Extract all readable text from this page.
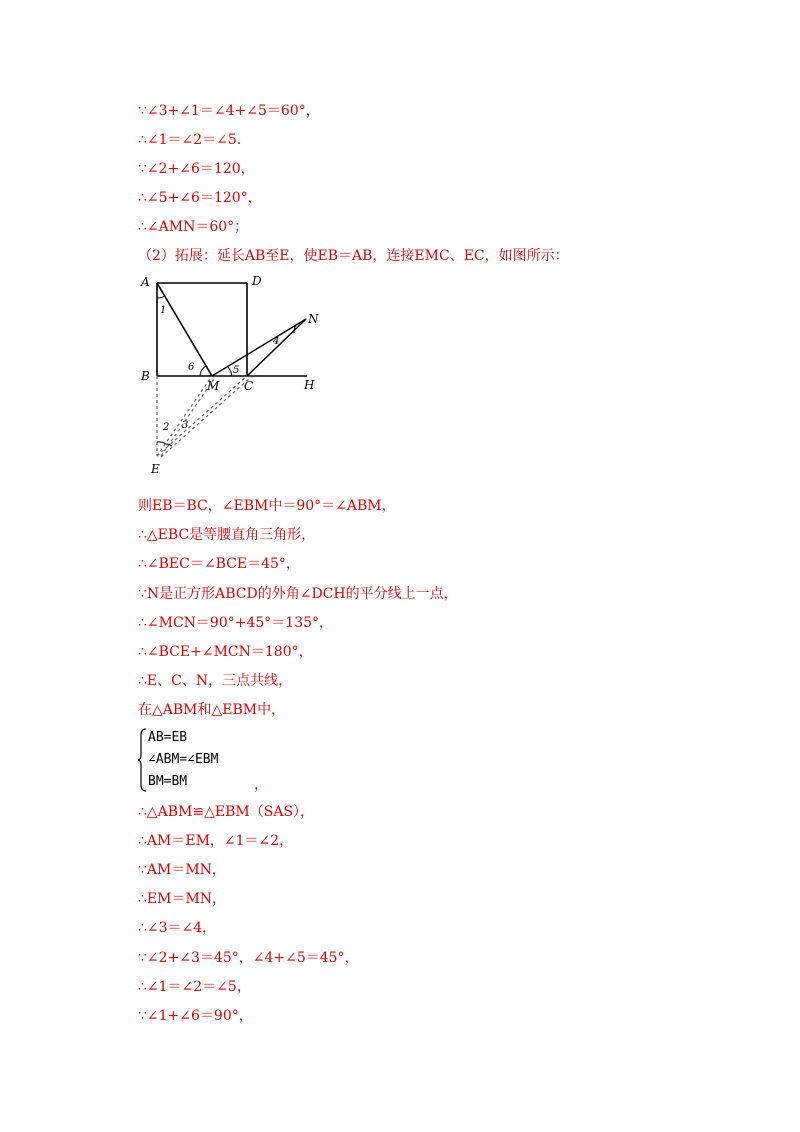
∵∠3+∠1＝∠4+∠5＝60°，
∴∠1＝∠2＝∠5．
∵∠2+∠6＝120，
∴∠5+∠6＝120°，
∴∠AMN＝60°；
（2）拓展：延长AB至E，使EB＝AB，连接EMC、EC，如图所示：
A	D
N
B
M C	H
E
1
2 3
4
5
6
则EB＝BC，∠EBM中＝90°＝∠ABM，
∴△EBC是等腰直角三角形，
∴∠BEC＝∠BCE＝45°，
∵N是正方形ABCD的外角∠DCH的平分线上一点，
∴∠MCN＝90°+45°＝135°，
∴∠BCE+∠MCN＝180°，
∴E、C、N，三点共线，
在△ABM和△EBM中，
AB=EB
∠ABM=∠EBM
BM=BM	，
∴△ABM≌△EBM（SAS），
∴AM＝EM，∠1＝∠2，
∵AM＝MN，
∴EM＝MN，
∴∠3＝∠4，
∵∠2+∠3＝45°，∠4+∠5＝45°，
∴∠1＝∠2＝∠5，
∵∠1+∠6＝90°，
